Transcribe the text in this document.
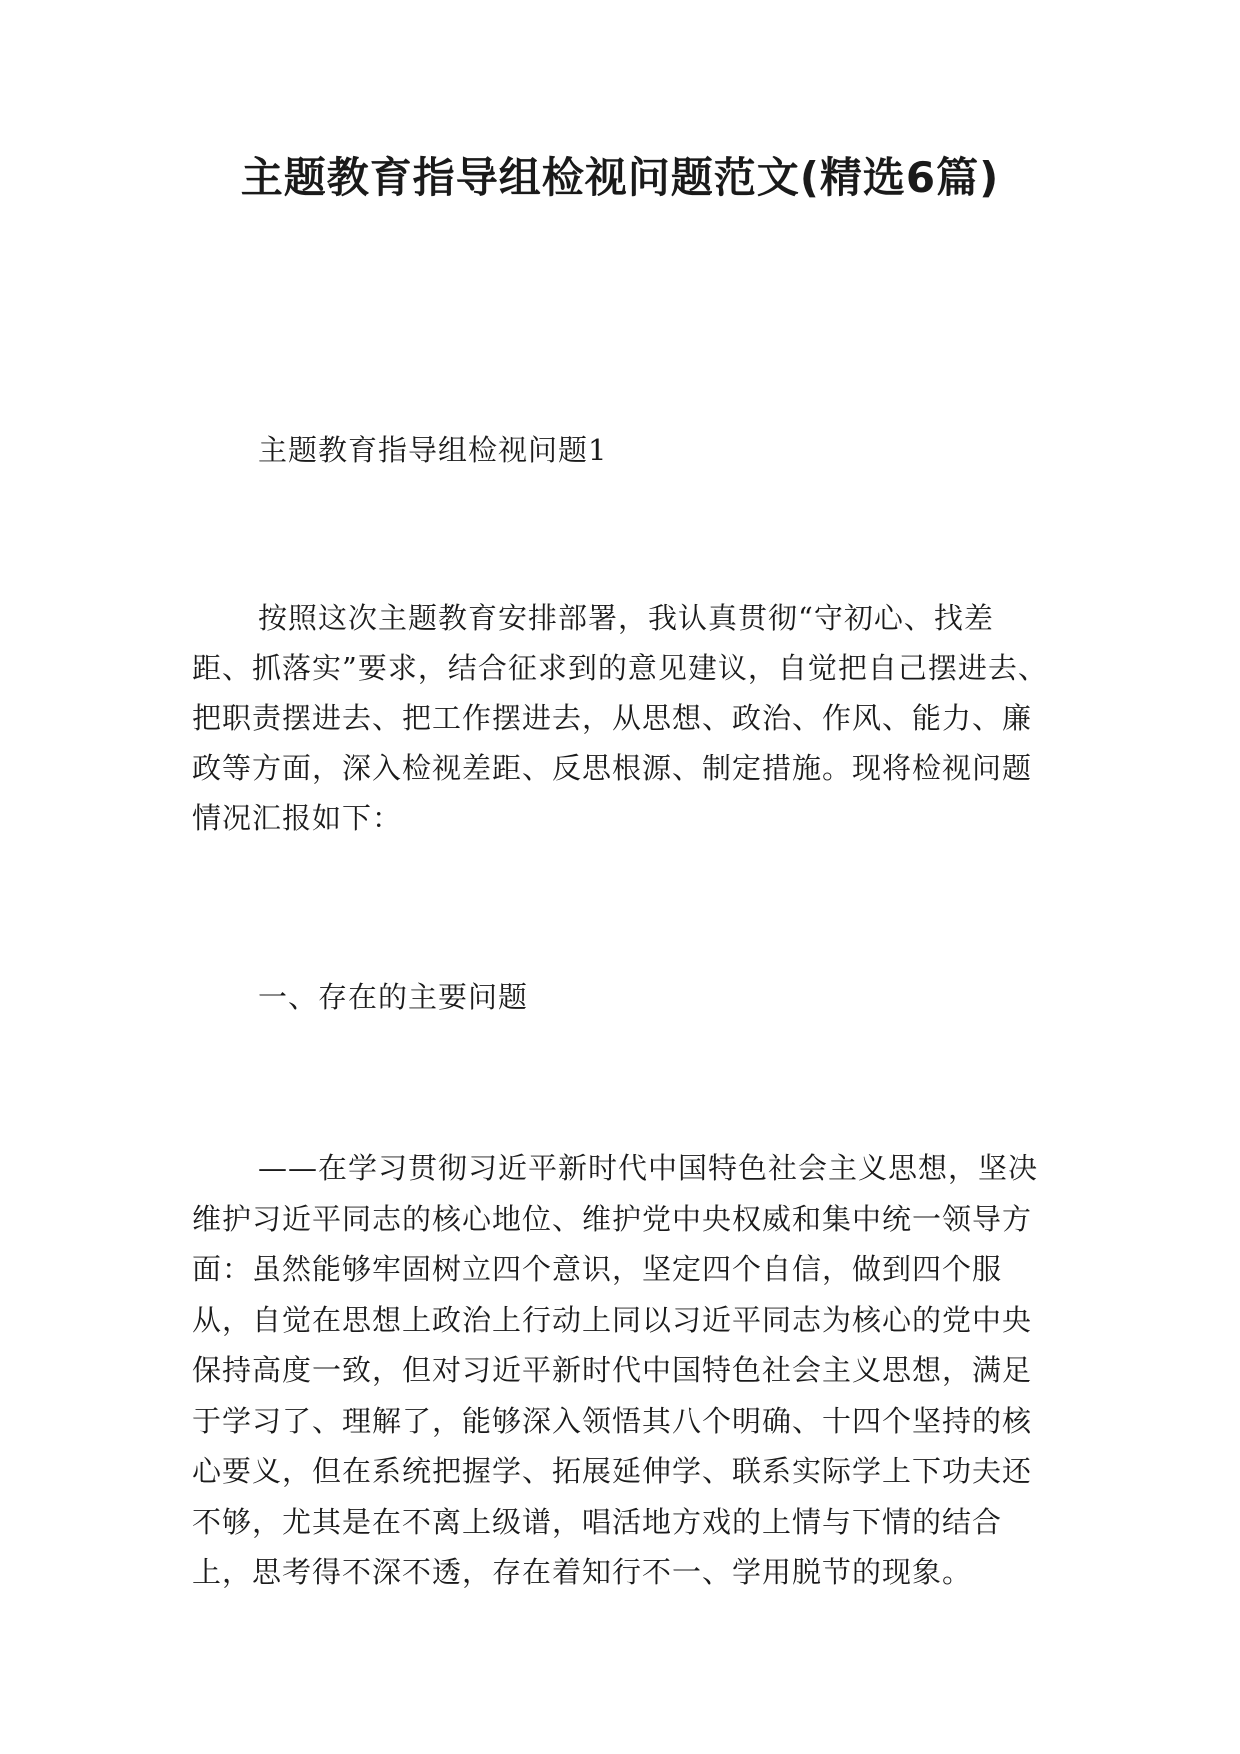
主题教育指导组检视问题范文(精选6篇)

主题教育指导组检视问题1

按照这次主题教育安排部署，我认真贯彻“守初心、找差距、抓落实”要求，结合征求到的意见建议，自觉把自己摆进去、把职责摆进去、把工作摆进去，从思想、政治、作风、能力、廉政等方面，深入检视差距、反思根源、制定措施。现将检视问题情况汇报如下：

一、存在的主要问题

——在学习贯彻习近平新时代中国特色社会主义思想，坚决维护习近平同志的核心地位、维护党中央权威和集中统一领导方面：虽然能够牢固树立四个意识，坚定四个自信，做到四个服从，自觉在思想上政治上行动上同以习近平同志为核心的党中央保持高度一致，但对习近平新时代中国特色社会主义思想，满足于学习了、理解了，能够深入领悟其八个明确、十四个坚持的核心要义，但在系统把握学、拓展延伸学、联系实际学上下功夫还不够，尤其是在不离上级谱，唱活地方戏的上情与下情的结合上，思考得不深不透，存在着知行不一、学用脱节的现象。
